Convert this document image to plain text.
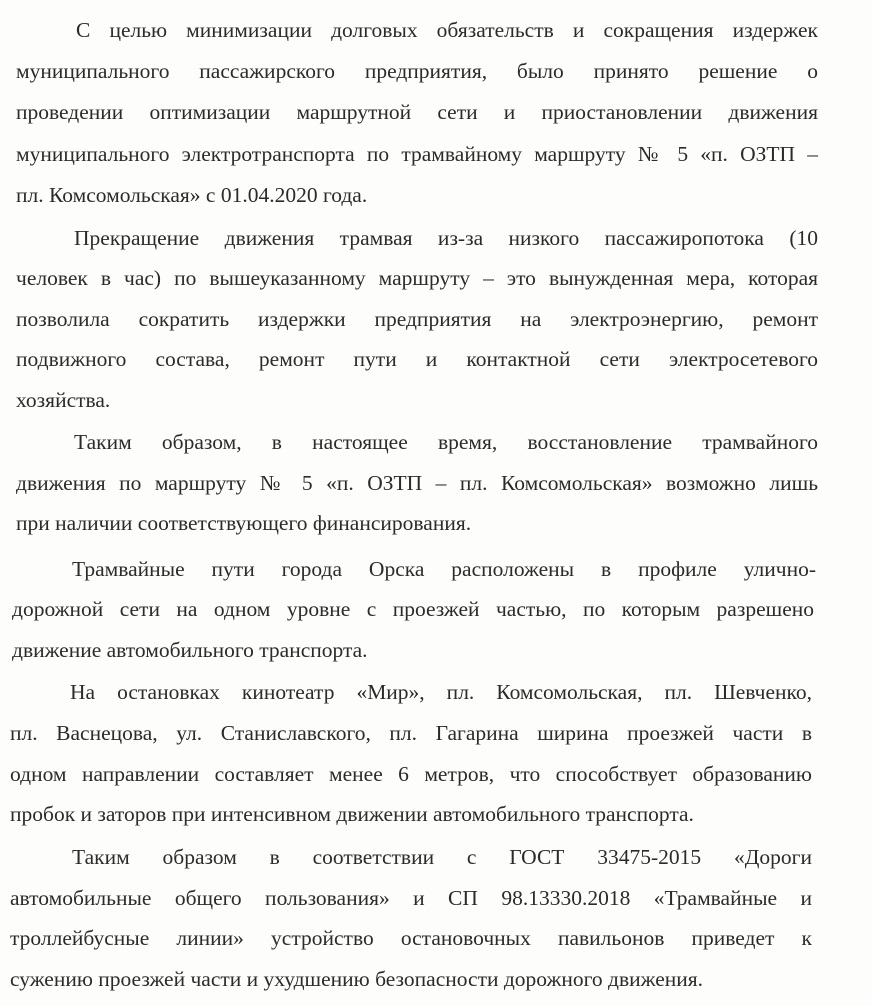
С целью минимизации долговых обязательств и сокращения издержек
муниципального пассажирского предприятия, было принято решение о
проведении оптимизации маршрутной сети и приостановлении движения
муниципального электротранспорта по трамвайному маршруту № 5 «п. ОЗТП –
пл. Комсомольская» с 01.04.2020 года.
Прекращение движения трамвая из-за низкого пассажиропотока (10
человек в час) по вышеуказанному маршруту – это вынужденная мера, которая
позволила сократить издержки предприятия на электроэнергию, ремонт
подвижного состава, ремонт пути и контактной сети электросетевого
хозяйства.
Таким образом, в настоящее время, восстановление трамвайного
движения по маршруту № 5 «п. ОЗТП – пл. Комсомольская» возможно лишь
при наличии соответствующего финансирования.
Трамвайные пути города Орска расположены в профиле улично-
дорожной сети на одном уровне с проезжей частью, по которым разрешено
движение автомобильного транспорта.
На остановках кинотеатр «Мир», пл. Комсомольская, пл. Шевченко,
пл. Васнецова, ул. Станиславского, пл. Гагарина ширина проезжей части в
одном направлении составляет менее 6 метров, что способствует образованию
пробок и заторов при интенсивном движении автомобильного транспорта.
Таким образом в соответствии с ГОСТ 33475-2015 «Дороги
автомобильные общего пользования» и СП 98.13330.2018 «Трамвайные и
троллейбусные линии» устройство остановочных павильонов приведет к
сужению проезжей части и ухудшению безопасности дорожного движения.
